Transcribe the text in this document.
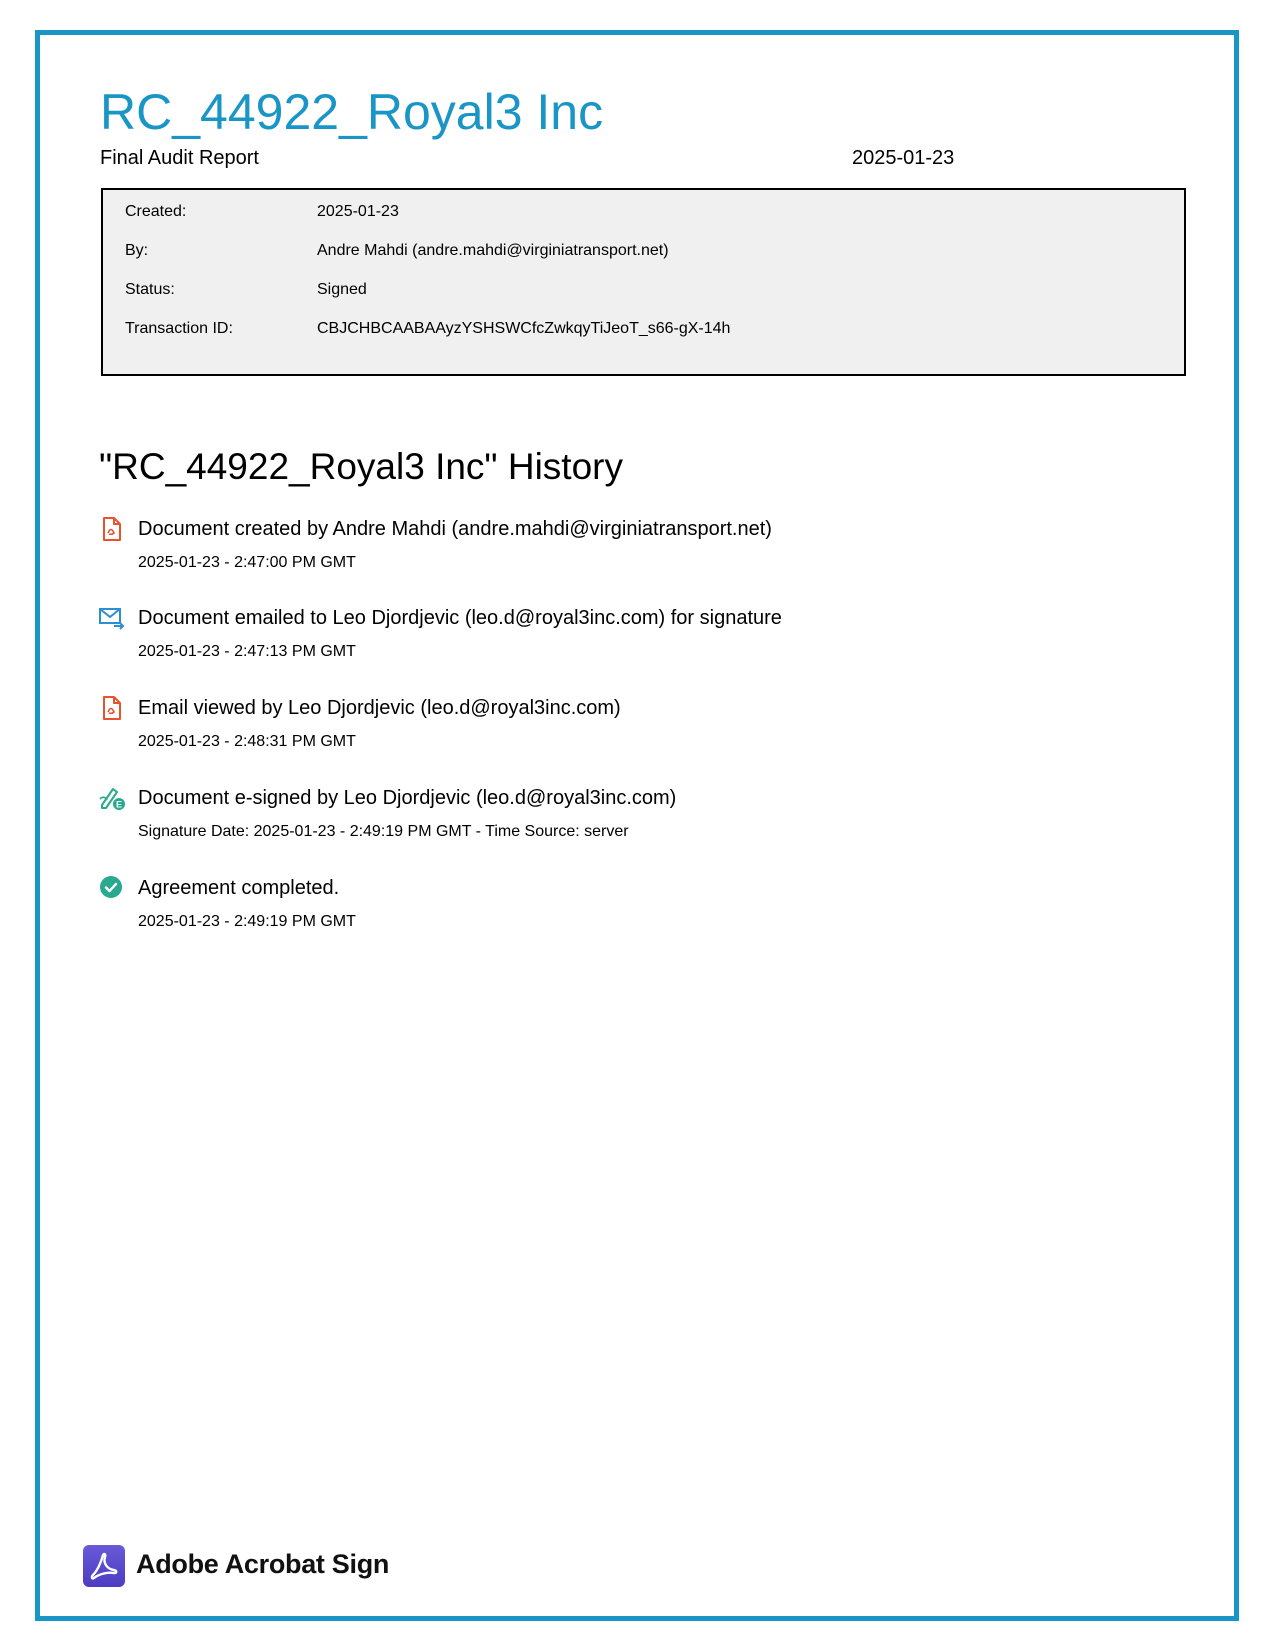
RC_44922_Royal3 Inc
Final Audit Report	2025-01-23
Created:	2025-01-23
By:	Andre Mahdi (andre.mahdi@virginiatransport.net)
Status:	Signed
Transaction ID:	CBJCHBCAABAAyzYSHSWCfcZwkqyTiJeoT_s66-gX-14h
"RC_44922_Royal3 Inc" History
Document created by Andre Mahdi (andre.mahdi@virginiatransport.net)
2025-01-23 - 2:47:00 PM GMT
Document emailed to Leo Djordjevic (leo.d@royal3inc.com) for signature
2025-01-23 - 2:47:13 PM GMT
Email viewed by Leo Djordjevic (leo.d@royal3inc.com)
2025-01-23 - 2:48:31 PM GMT
E Document e-signed by Leo Djordjevic (leo.d@royal3inc.com)
Signature Date: 2025-01-23 - 2:49:19 PM GMT - Time Source: server
Agreement completed.
2025-01-23 - 2:49:19 PM GMT
Adobe Acrobat Sign
